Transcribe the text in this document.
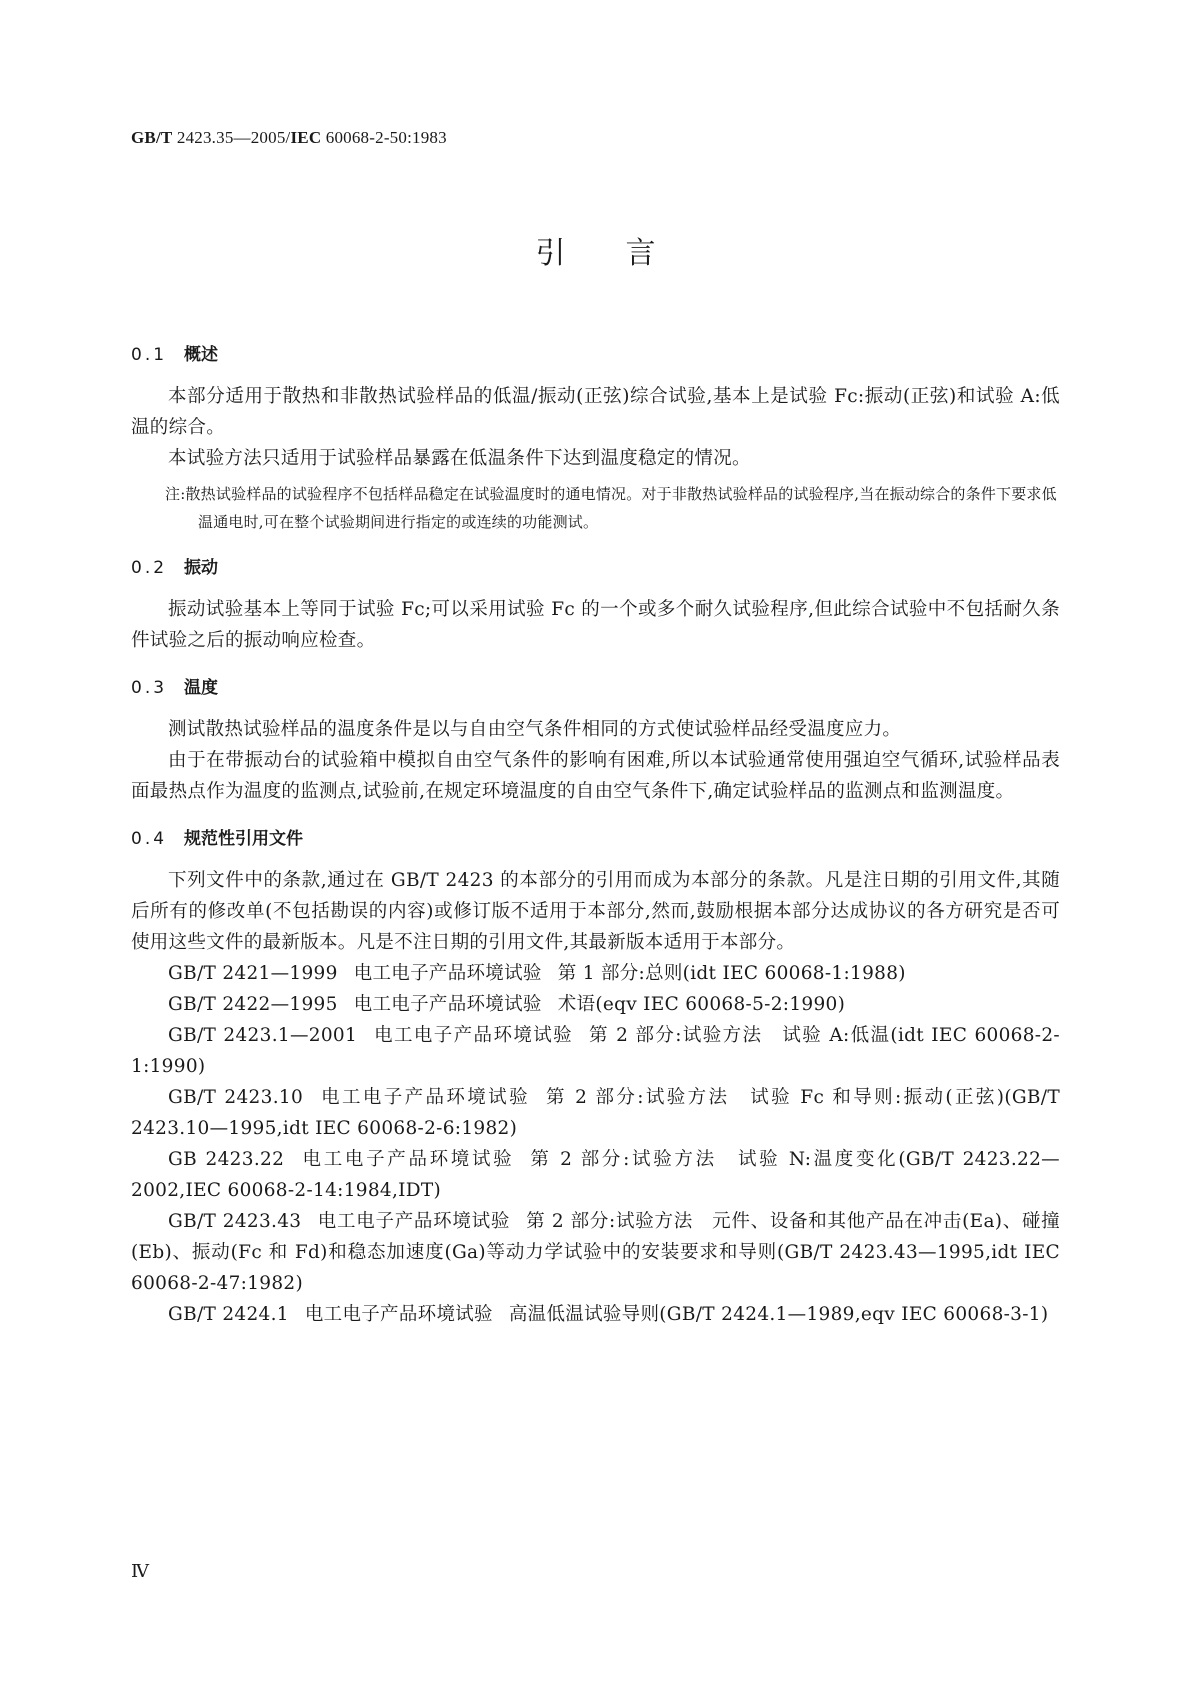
GB/T 2423.35—2005/IEC 60068-2-50:1983
引 言
0.1 概述

本部分适用于散热和非散热试验样品的低温/振动(正弦)综合试验,基本上是试验 Fc:振动(正弦)和试验 A:低温的综合。

本试验方法只适用于试验样品暴露在低温条件下达到温度稳定的情况。

注:散热试验样品的试验程序不包括样品稳定在试验温度时的通电情况。对于非散热试验样品的试验程序,当在振动综合的条件下要求低温通电时,可在整个试验期间进行指定的或连续的功能测试。

0.2 振动

振动试验基本上等同于试验 Fc;可以采用试验 Fc 的一个或多个耐久试验程序,但此综合试验中不包括耐久条件试验之后的振动响应检查。

0.3 温度

测试散热试验样品的温度条件是以与自由空气条件相同的方式使试验样品经受温度应力。

由于在带振动台的试验箱中模拟自由空气条件的影响有困难,所以本试验通常使用强迫空气循环,试验样品表面最热点作为温度的监测点,试验前,在规定环境温度的自由空气条件下,确定试验样品的监测点和监测温度。

0.4 规范性引用文件

下列文件中的条款,通过在 GB/T 2423 的本部分的引用而成为本部分的条款。凡是注日期的引用文件,其随后所有的修改单(不包括勘误的内容)或修订版不适用于本部分,然而,鼓励根据本部分达成协议的各方研究是否可使用这些文件的最新版本。凡是不注日期的引用文件,其最新版本适用于本部分。

GB/T 2421—1999 电工电子产品环境试验 第 1 部分:总则(idt IEC 60068-1:1988)

GB/T 2422—1995 电工电子产品环境试验 术语(eqv IEC 60068-5-2:1990)

GB/T 2423.1—2001 电工电子产品环境试验 第 2 部分:试验方法　试验 A:低温(idt IEC 60068-2-1:1990)

GB/T 2423.10 电工电子产品环境试验 第 2 部分:试验方法　试验 Fc 和导则:振动(正弦)(GB/T 2423.10—1995,idt IEC 60068-2-6:1982)

GB 2423.22 电工电子产品环境试验 第 2 部分:试验方法　试验 N:温度变化(GB/T 2423.22—2002,IEC 60068-2-14:1984,IDT)

GB/T 2423.43 电工电子产品环境试验 第 2 部分:试验方法　元件、设备和其他产品在冲击(Ea)、碰撞(Eb)、振动(Fc 和 Fd)和稳态加速度(Ga)等动力学试验中的安装要求和导则(GB/T 2423.43—1995,idt IEC 60068-2-47:1982)

GB/T 2424.1 电工电子产品环境试验 高温低温试验导则(GB/T 2424.1—1989,eqv IEC 60068-3-1)

Ⅳ
